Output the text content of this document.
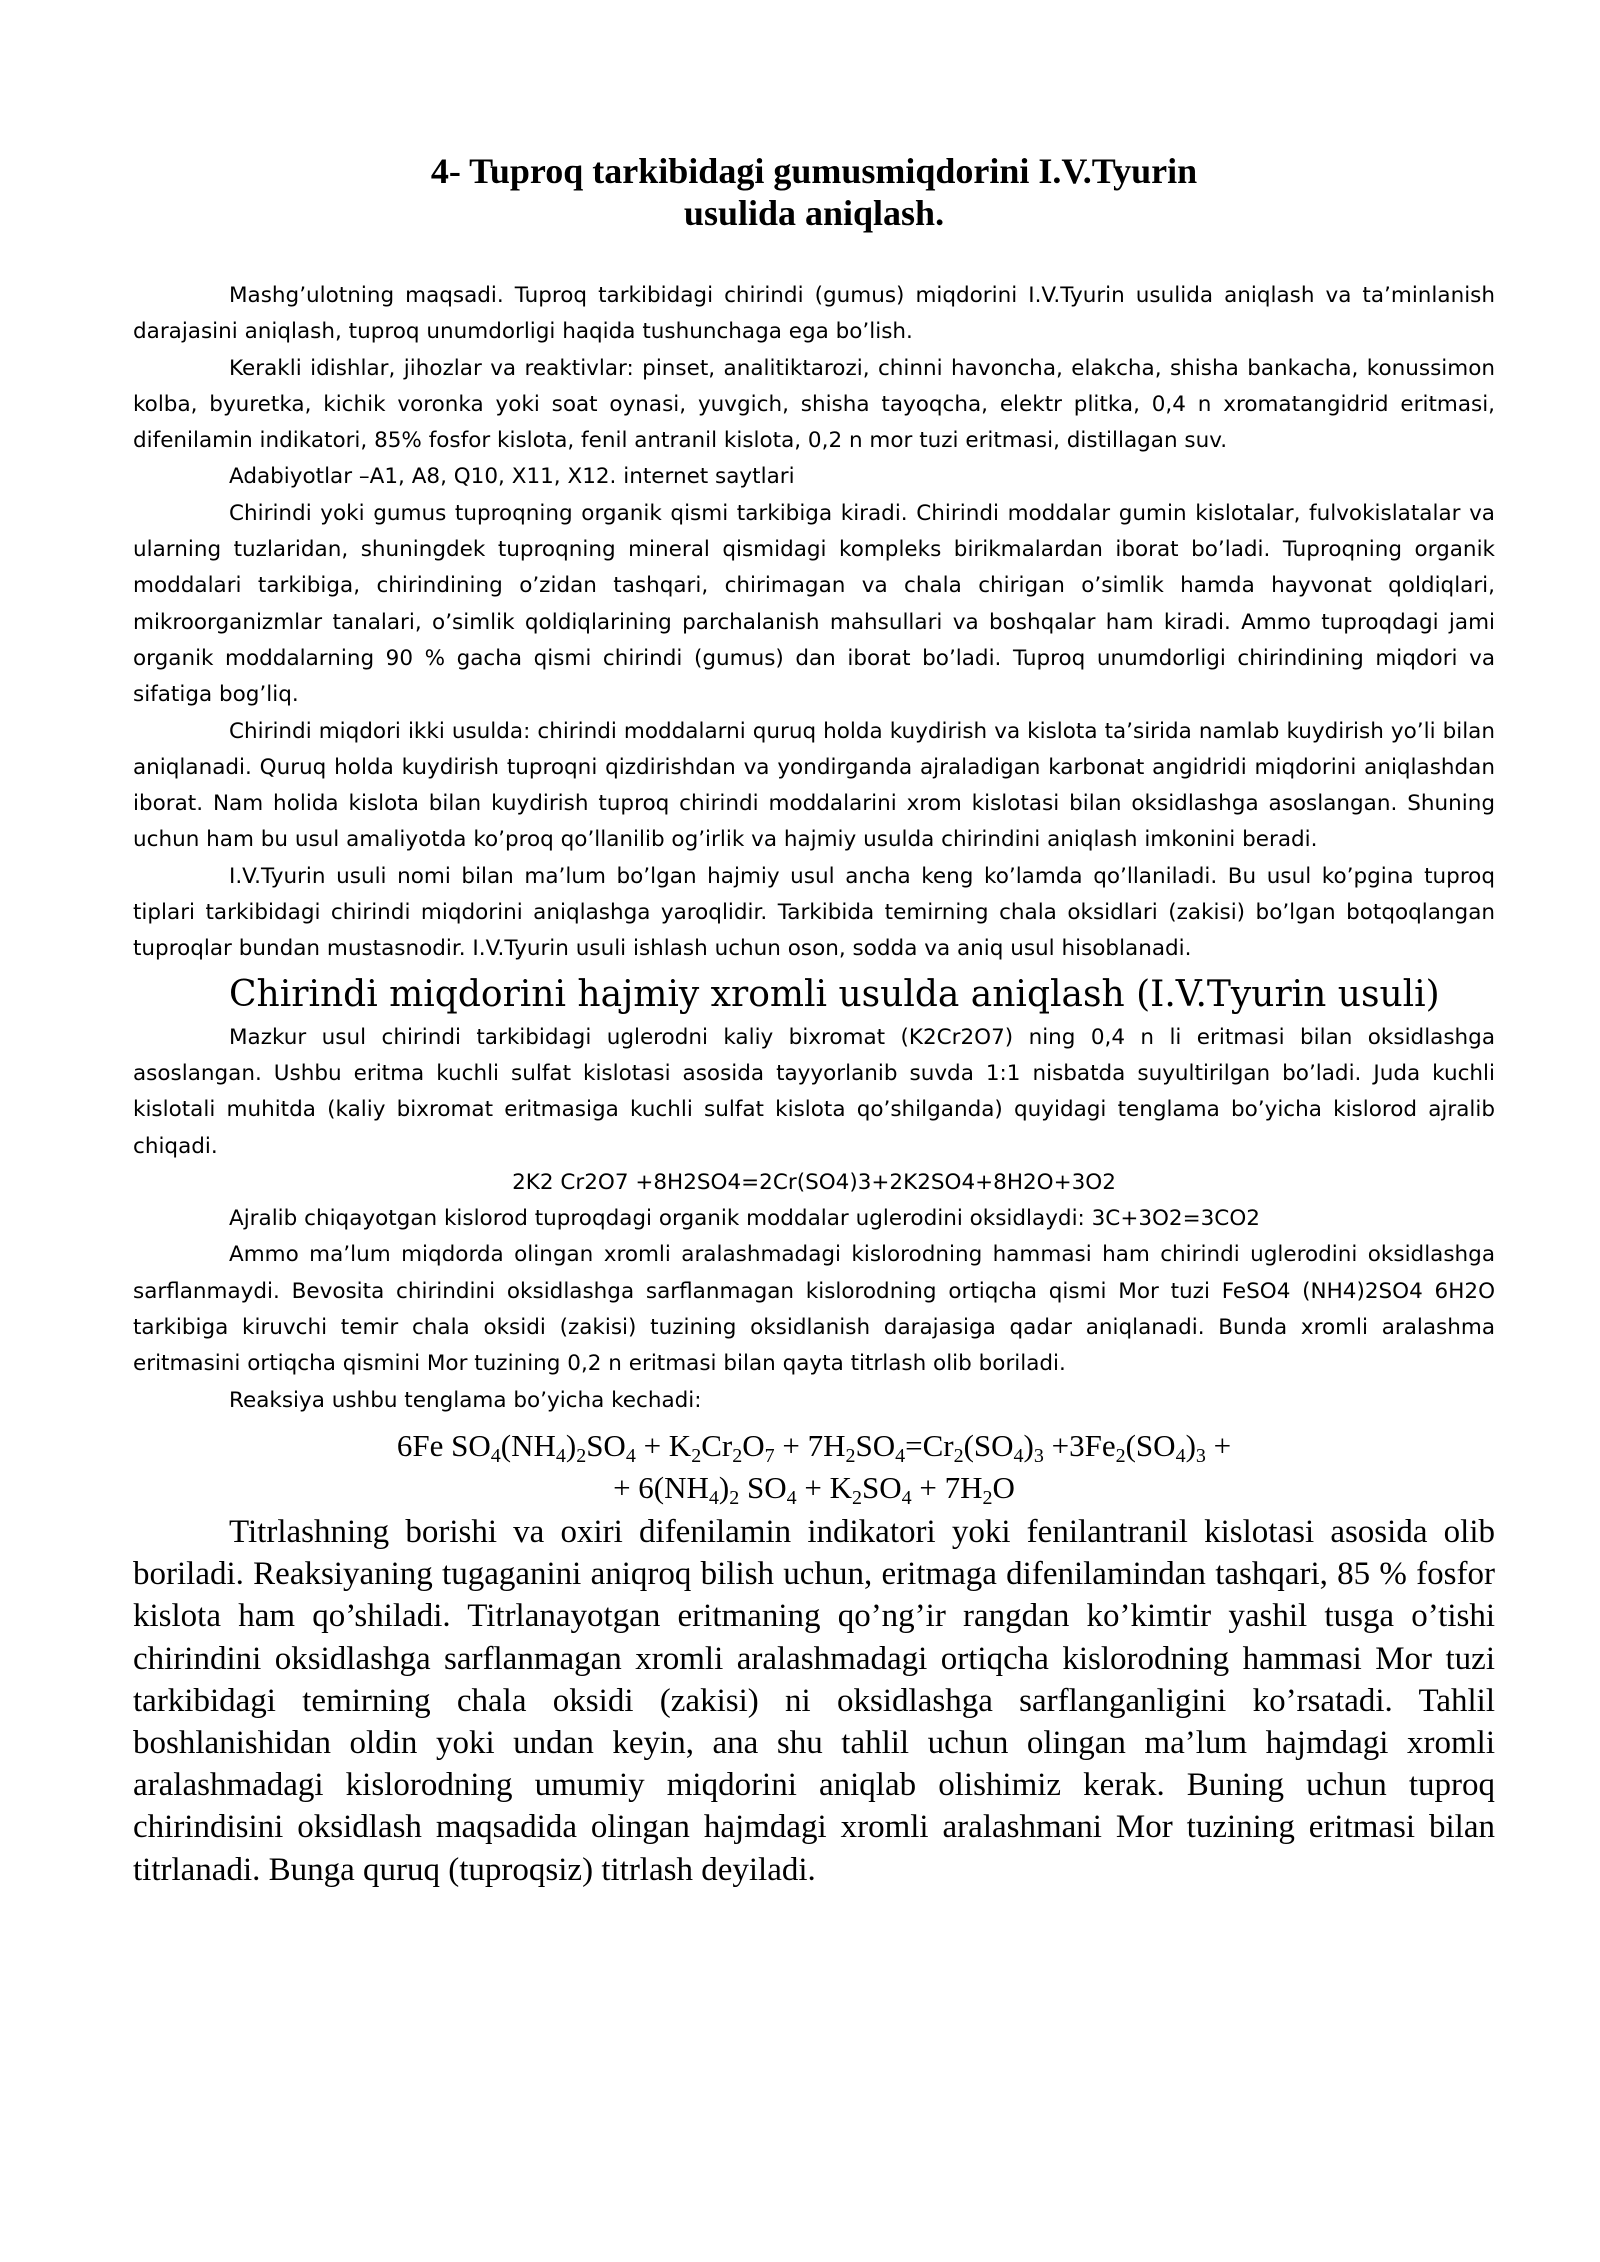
4- Tuproq tarkibidagi gumusmiqdorini I.V.Tyurin
usulida aniqlash.

Mashg’ulotning maqsadi. Tuproq tarkibidagi chirindi (gumus) miqdorini I.V.Tyurin usulida aniqlash va ta’minlanish darajasini aniqlash, tuproq unumdorligi haqida tushunchaga ega bo’lish.

Kerakli idishlar, jihozlar va reaktivlar: pinset, analitiktarozi, chinni havoncha, elakcha, shisha bankacha, konussimon kolba, byuretka, kichik voronka yoki soat oynasi, yuvgich, shisha tayoqcha, elektr plitka, 0,4 n xromatangidrid eritmasi, difenilamin indikatori, 85% fosfor kislota, fenil antranil kislota, 0,2 n mor tuzi eritmasi, distillagan suv.

Adabiyotlar –A1, A8, Q10, X11, X12. internet saytlari

Chirindi yoki gumus tuproqning organik qismi tarkibiga kiradi. Chirindi moddalar gumin kislotalar, fulvokislatalar va ularning tuzlaridan, shuningdek tuproqning mineral qismidagi kompleks birikmalardan iborat bo’ladi. Tuproqning organik moddalari tarkibiga, chirindining o’zidan tashqari, chirimagan va chala chirigan o’simlik hamda hayvonat qoldiqlari, mikroorganizmlar tanalari, o’simlik qoldiqlarining parchalanish mahsullari va boshqalar ham kiradi. Ammo tuproqdagi jami organik moddalarning 90 % gacha qismi chirindi (gumus) dan iborat bo’ladi. Tuproq unumdorligi chirindining miqdori va sifatiga bog’liq.

Chirindi miqdori ikki usulda: chirindi moddalarni quruq holda kuydirish va kislota ta’sirida namlab kuydirish yo’li bilan aniqlanadi. Quruq holda kuydirish tuproqni qizdirishdan va yondirganda ajraladigan karbonat angidridi miqdorini aniqlashdan iborat. Nam holida kislota bilan kuydirish tuproq chirindi moddalarini xrom kislotasi bilan oksidlashga asoslangan. Shuning uchun ham bu usul amaliyotda ko’proq qo’llanilib og’irlik va hajmiy usulda chirindini aniqlash imkonini beradi.

I.V.Tyurin usuli nomi bilan ma’lum bo’lgan hajmiy usul ancha keng ko’lamda qo’llaniladi. Bu usul ko’pgina tuproq tiplari tarkibidagi chirindi miqdorini aniqlashga yaroqlidir. Tarkibida temirning chala oksidlari (zakisi) bo’lgan botqoqlangan tuproqlar bundan mustasnodir. I.V.Tyurin usuli ishlash uchun oson, sodda va aniq usul hisoblanadi.

Chirindi miqdorini hajmiy xromli usulda aniqlash (I.V.Tyurin usuli)

Mazkur usul chirindi tarkibidagi uglerodni kaliy bixromat (K2Cr2O7) ning 0,4 n li eritmasi bilan oksidlashga asoslangan. Ushbu eritma kuchli sulfat kislotasi asosida tayyorlanib suvda 1:1 nisbatda suyultirilgan bo’ladi. Juda kuchli kislotali muhitda (kaliy bixromat eritmasiga kuchli sulfat kislota qo’shilganda) quyidagi tenglama bo’yicha kislorod ajralib chiqadi.

2K2 Cr2O7 +8H2SO4=2Cr(SO4)3+2K2SO4+8H2O+3O2

Ajralib chiqayotgan kislorod tuproqdagi organik moddalar uglerodini oksidlaydi: 3C+3O2=3CO2

Ammo ma’lum miqdorda olingan xromli aralashmadagi kislorodning hammasi ham chirindi uglerodini oksidlashga sarflanmaydi. Bevosita chirindini oksidlashga sarflanmagan kislorodning ortiqcha qismi Mor tuzi FeSO4 (NH4)2SO4 6H2O tarkibiga kiruvchi temir chala oksidi (zakisi) tuzining oksidlanish darajasiga qadar aniqlanadi. Bunda xromli aralashma eritmasini ortiqcha qismini Mor tuzining 0,2 n eritmasi bilan qayta titrlash olib boriladi.

Reaksiya ushbu tenglama bo’yicha kechadi:

6Fe $SO_4(NH_4)_2SO_4 + K_2Cr_2O_7 + 7H_2SO_4=Cr_2(SO_4)_3 +3Fe_2(SO_4)_3$ +
+ $6(NH_4)_2$ $SO_4 + K_2SO_4 + 7H_2O$

Titrlashning borishi va oxiri difenilamin indikatori yoki fenilantranil kislotasi asosida olib boriladi. Reaksiyaning tugaganini aniqroq bilish uchun, eritmaga difenilamindan tashqari, 85 % fosfor kislota ham qo’shiladi. Titrlanayotgan eritmaning qo’ng’ir rangdan ko’kimtir yashil tusga o’tishi chirindini oksidlashga sarflanmagan xromli aralashmadagi ortiqcha kislorodning hammasi Mor tuzi tarkibidagi temirning chala oksidi (zakisi) ni oksidlashga sarflanganligini ko’rsatadi. Tahlil boshlanishidan oldin yoki undan keyin, ana shu tahlil uchun olingan ma’lum hajmdagi xromli aralashmadagi kislorodning umumiy miqdorini aniqlab olishimiz kerak. Buning uchun tuproq chirindisini oksidlash maqsadida olingan hajmdagi xromli aralashmani Mor tuzining eritmasi bilan titrlanadi. Bunga quruq (tuproqsiz) titrlash deyiladi.
